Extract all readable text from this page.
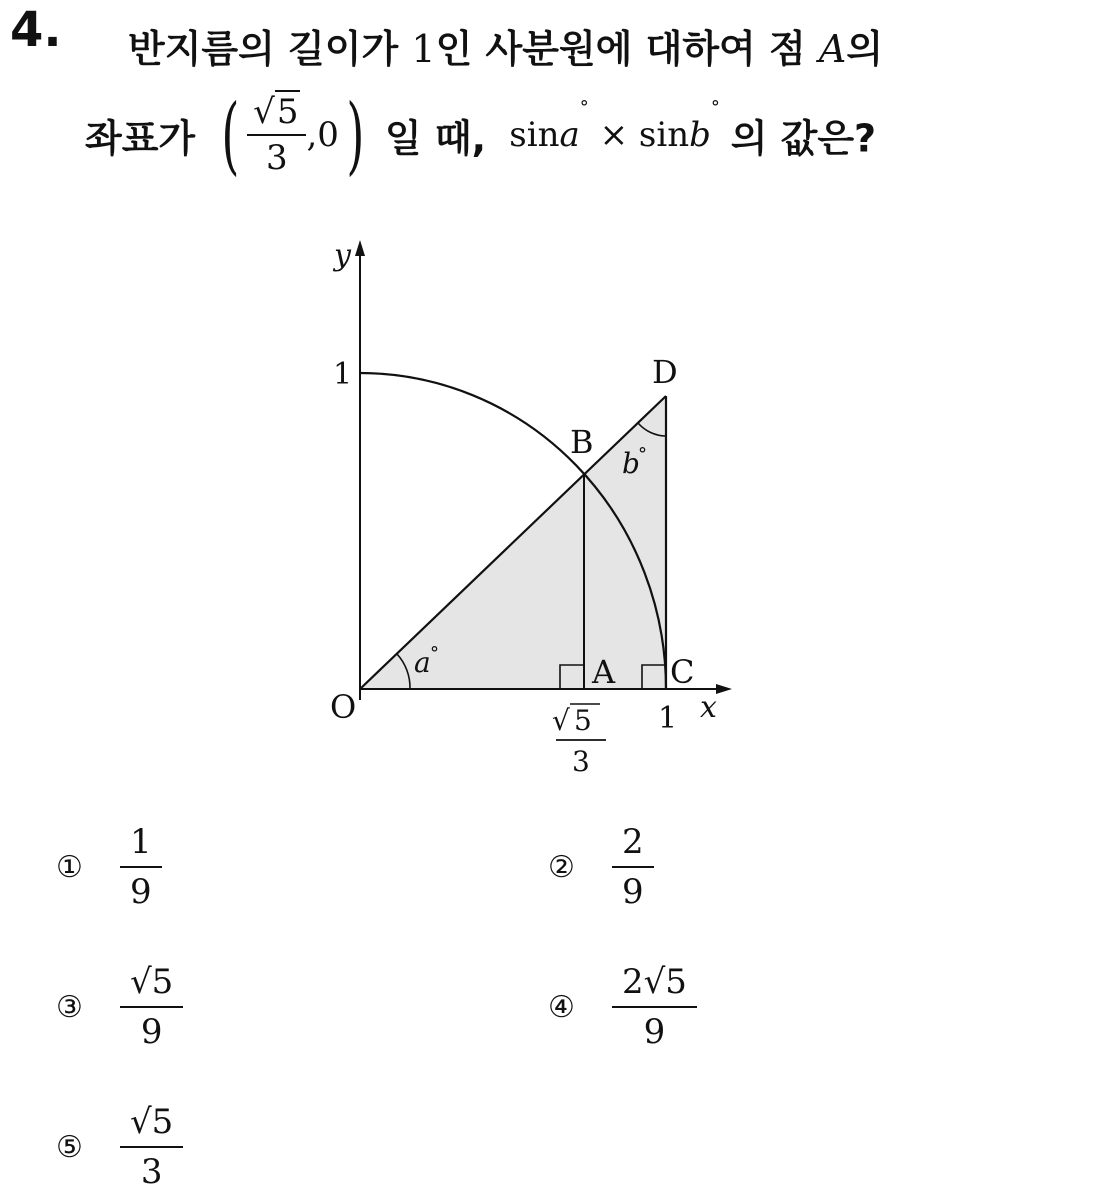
4. 반지름의 길이가 1인 사분원에 대하여 점 A의
좌표가 ( $\frac{√5}{3} ,0$) 일 때, sina° × sinb° 의 값은?
y
x
1
1
O
A
B
C
D
a °
b
°
√ 5
3
①	$\frac{1}{9}$	②	$\frac{2}{9}$
③	$\frac{√5}{9}$	④	$\frac{2√5}{9}$
⑤	$\frac{√5}{3}$
